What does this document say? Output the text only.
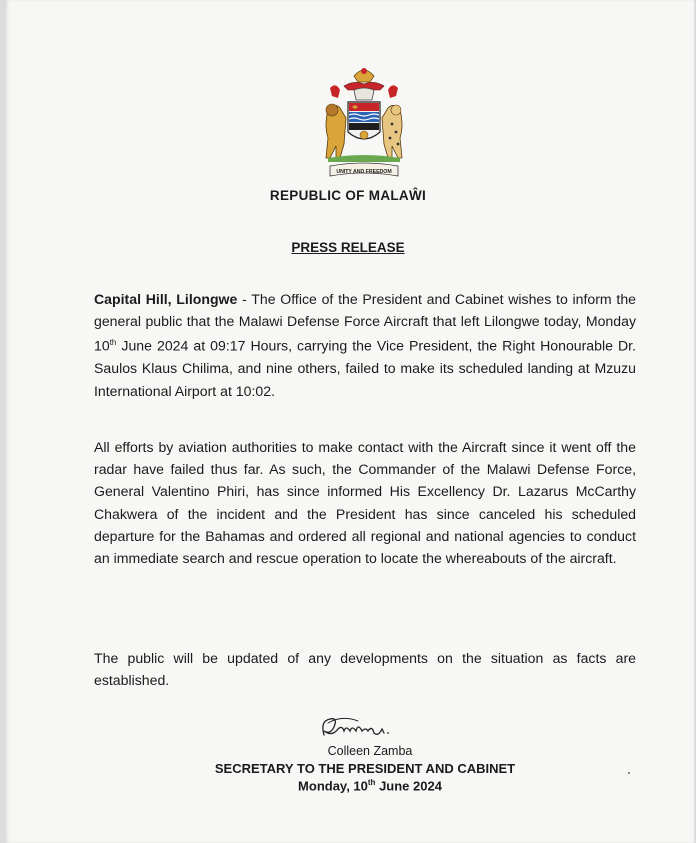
UNITY AND FREEDOM
REPUBLIC OF MALAŴI
PRESS RELEASE
Capital Hill, Lilongwe - The Office of the President and Cabinet wishes to inform the general public that the Malawi Defense Force Aircraft that left Lilongwe today, Monday 10th June 2024 at 09:17 Hours, carrying the Vice President, the Right Honourable Dr. Saulos Klaus Chilima, and nine others, failed to make its scheduled landing at Mzuzu International Airport at 10:02.
All efforts by aviation authorities to make contact with the Aircraft since it went off the radar have failed thus far. As such, the Commander of the Malawi Defense Force, General Valentino Phiri, has since informed His Excellency Dr. Lazarus McCarthy Chakwera of the incident and the President has since canceled his scheduled departure for the Bahamas and ordered all regional and national agencies to conduct an immediate search and rescue operation to locate the whereabouts of the aircraft.
The public will be updated of any developments on the situation as facts are established.
Colleen Zamba
SECRETARY TO THE PRESIDENT AND CABINET
Monday, 10th June 2024
